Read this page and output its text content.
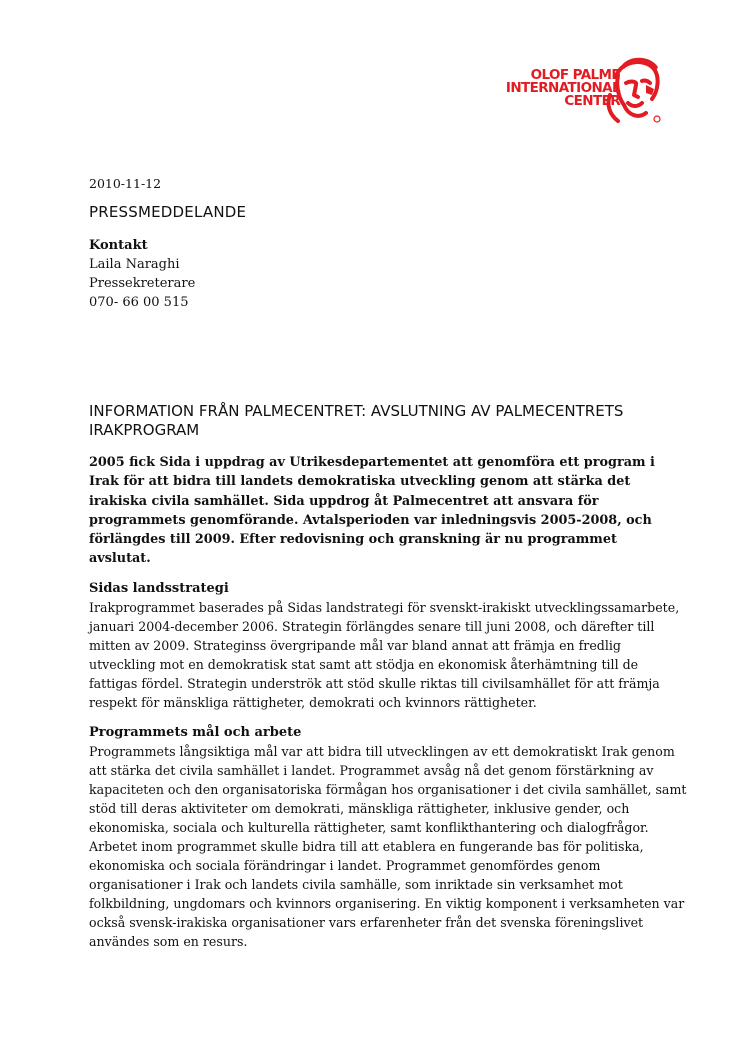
OLOF PALME
INTERNATIONAL
CENTER
2010-11-12
PRESSMEDDELANDE
Kontakt
Laila Naraghi
Pressekreterare
070- 66 00 515
INFORMATION FRÅN PALMECENTRET: AVSLUTNING AV PALMECENTRETS IRAKPROGRAM
2005 fick Sida i uppdrag av Utrikesdepartementet att genomföra ett program i Irak för att bidra till landets demokratiska utveckling genom att stärka det irakiska civila samhället. Sida uppdrog åt Palmecentret att ansvara för programmets genomförande. Avtalsperioden var inledningsvis 2005-2008, och förlängdes till 2009. Efter redovisning och granskning är nu programmet avslutat.
Sidas landsstrategi

Irakprogrammet baserades på Sidas landstrategi för svenskt-irakiskt utvecklingssamarbete, januari 2004-december 2006. Strategin förlängdes senare till juni 2008, och därefter till mitten av 2009. Strateginss övergripande mål var bland annat att främja en fredlig utveckling mot en demokratisk stat samt att stödja en ekonomisk återhämtning till de fattigas fördel. Strategin underströk att stöd skulle riktas till civilsamhället för att främja respekt för mänskliga rättigheter, demokrati och kvinnors rättigheter.

Programmets mål och arbete

Programmets långsiktiga mål var att bidra till utvecklingen av ett demokratiskt Irak genom att stärka det civila samhället i landet. Programmet avsåg nå det genom förstärkning av kapaciteten och den organisatoriska förmågan hos organisationer i det civila samhället, samt stöd till deras aktiviteter om demokrati, mänskliga rättigheter, inklusive gender, och ekonomiska, sociala och kulturella rättigheter, samt konflikthantering och dialogfrågor. Arbetet inom programmet skulle bidra till att etablera en fungerande bas för politiska, ekonomiska och sociala förändringar i landet. Programmet genomfördes genom organisationer i Irak och landets civila samhälle, som inriktade sin verksamhet mot folkbildning, ungdomars och kvinnors organisering. En viktig komponent i verksamheten var också svensk-irakiska organisationer vars erfarenheter från det svenska föreningslivet användes som en resurs.
